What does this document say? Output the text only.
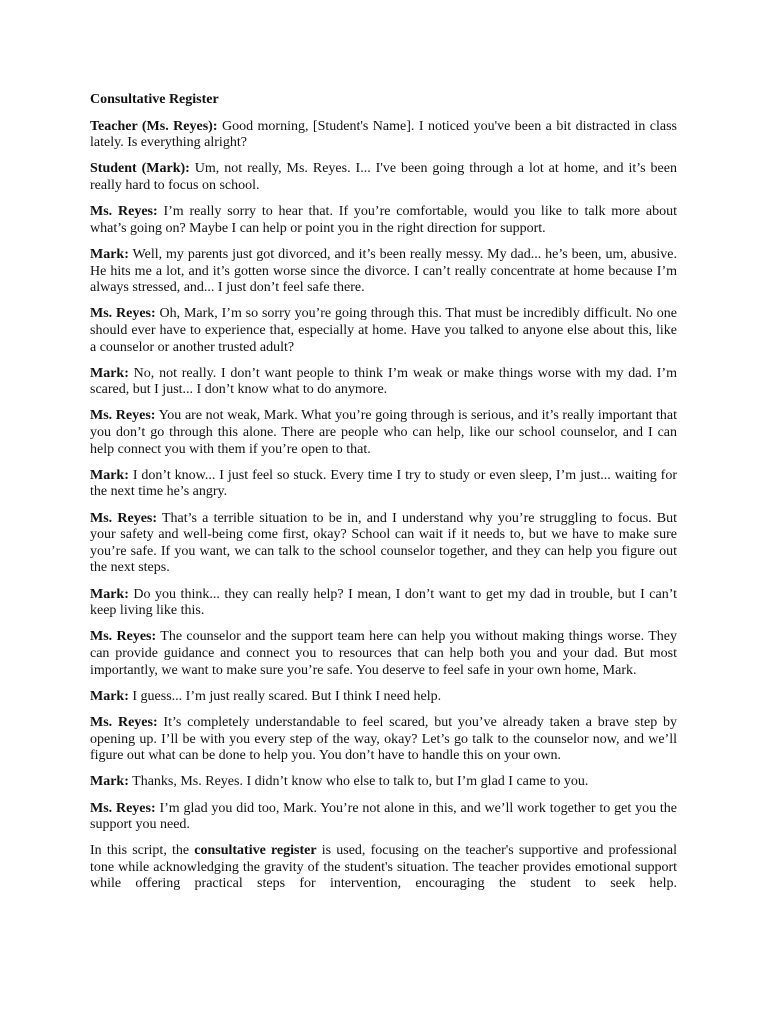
Consultative Register

Teacher (Ms. Reyes): Good morning, [Student's Name]. I noticed you've been a bit distracted in class lately. Is everything alright?

Student (Mark): Um, not really, Ms. Reyes. I... I've been going through a lot at home, and it’s been really hard to focus on school.

Ms. Reyes: I’m really sorry to hear that. If you’re comfortable, would you like to talk more about what’s going on? Maybe I can help or point you in the right direction for support.

Mark: Well, my parents just got divorced, and it’s been really messy. My dad... he’s been, um, abusive. He hits me a lot, and it’s gotten worse since the divorce. I can’t really concentrate at home because I’m always stressed, and... I just don’t feel safe there.

Ms. Reyes: Oh, Mark, I’m so sorry you’re going through this. That must be incredibly difficult. No one should ever have to experience that, especially at home. Have you talked to anyone else about this, like a counselor or another trusted adult?

Mark: No, not really. I don’t want people to think I’m weak or make things worse with my dad. I’m scared, but I just... I don’t know what to do anymore.

Ms. Reyes: You are not weak, Mark. What you’re going through is serious, and it’s really important that you don’t go through this alone. There are people who can help, like our school counselor, and I can help connect you with them if you’re open to that.

Mark: I don’t know... I just feel so stuck. Every time I try to study or even sleep, I’m just... waiting for the next time he’s angry.

Ms. Reyes: That’s a terrible situation to be in, and I understand why you’re struggling to focus. But your safety and well-being come first, okay? School can wait if it needs to, but we have to make sure you’re safe. If you want, we can talk to the school counselor together, and they can help you figure out the next steps.

Mark: Do you think... they can really help? I mean, I don’t want to get my dad in trouble, but I can’t keep living like this.

Ms. Reyes: The counselor and the support team here can help you without making things worse. They can provide guidance and connect you to resources that can help both you and your dad. But most importantly, we want to make sure you’re safe. You deserve to feel safe in your own home, Mark.

Mark: I guess... I’m just really scared. But I think I need help.

Ms. Reyes: It’s completely understandable to feel scared, but you’ve already taken a brave step by opening up. I’ll be with you every step of the way, okay? Let’s go talk to the counselor now, and we’ll figure out what can be done to help you. You don’t have to handle this on your own.

Mark: Thanks, Ms. Reyes. I didn’t know who else to talk to, but I’m glad I came to you.

Ms. Reyes: I’m glad you did too, Mark. You’re not alone in this, and we’ll work together to get you the support you need.

In this script, the consultative register is used, focusing on the teacher's supportive and professional tone while acknowledging the gravity of the student's situation. The teacher provides emotional support while offering practical steps for intervention, encouraging the student to seek help.
